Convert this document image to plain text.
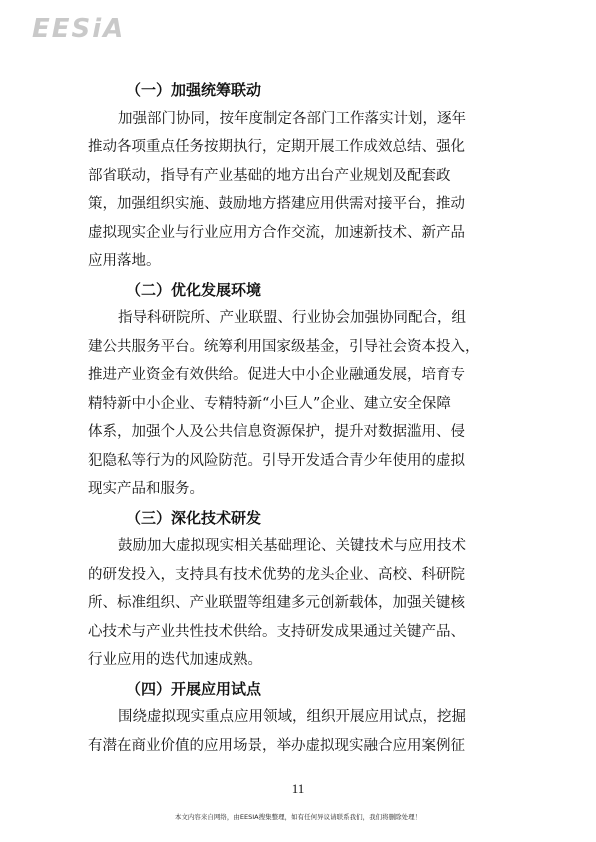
EESiA
（一）加强统筹联动
加强部门协同，按年度制定各部门工作落实计划，逐年
推动各项重点任务按期执行，定期开展工作成效总结、强化
部省联动，指导有产业基础的地方出台产业规划及配套政
策，加强组织实施、鼓励地方搭建应用供需对接平台，推动
虚拟现实企业与行业应用方合作交流，加速新技术、新产品
应用落地。
（二）优化发展环境
指导科研院所、产业联盟、行业协会加强协同配合，组
建公共服务平台。统筹利用国家级基金，引导社会资本投入，
推进产业资金有效供给。促进大中小企业融通发展，培育专
精特新中小企业、专精特新“小巨人”企业、建立安全保障
体系，加强个人及公共信息资源保护，提升对数据滥用、侵
犯隐私等行为的风险防范。引导开发适合青少年使用的虚拟
现实产品和服务。
（三）深化技术研发
鼓励加大虚拟现实相关基础理论、关键技术与应用技术
的研发投入，支持具有技术优势的龙头企业、高校、科研院
所、标准组织、产业联盟等组建多元创新载体，加强关键核
心技术与产业共性技术供给。支持研发成果通过关键产品、
行业应用的迭代加速成熟。
（四）开展应用试点
围绕虚拟现实重点应用领域，组织开展应用试点，挖掘
有潜在商业价值的应用场景，举办虚拟现实融合应用案例征
11
本文内容来自网络，由EESIA搜集整理，如有任何异议请联系我们，我们将删除处理！
